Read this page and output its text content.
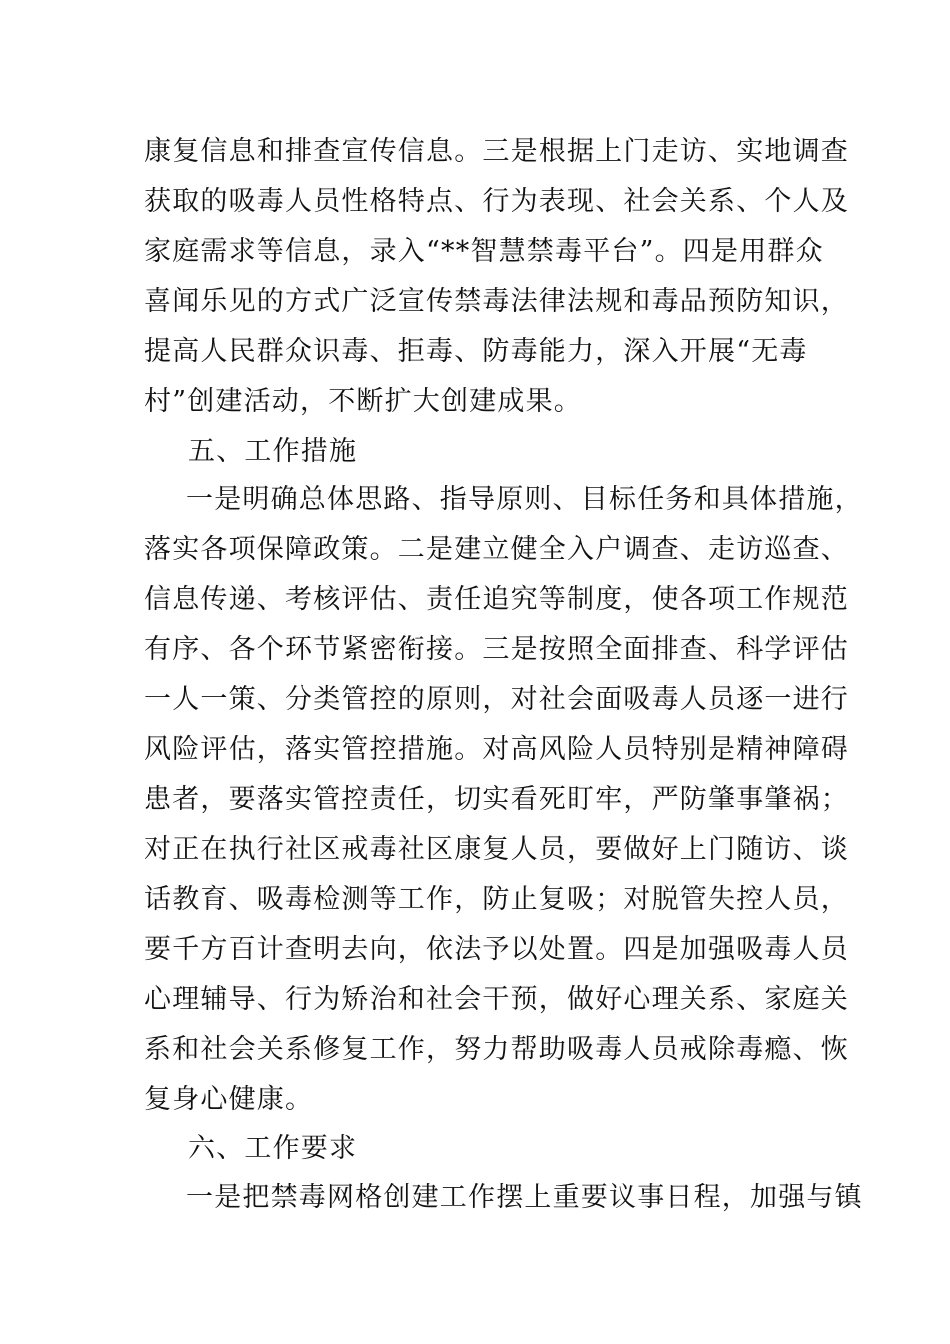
康复信息和排查宣传信息。三是根据上门走访、实地调查
获取的吸毒人员性格特点、行为表现、社会关系、个人及
家庭需求等信息，录入“**智慧禁毒平台”。四是用群众
喜闻乐见的方式广泛宣传禁毒法律法规和毒品预防知识，
提高人民群众识毒、拒毒、防毒能力，深入开展“无毒
村”创建活动，不断扩大创建成果。
五、工作措施
一是明确总体思路、指导原则、目标任务和具体措施，
落实各项保障政策。二是建立健全入户调查、走访巡查、
信息传递、考核评估、责任追究等制度，使各项工作规范
有序、各个环节紧密衔接。三是按照全面排查、科学评估
一人一策、分类管控的原则，对社会面吸毒人员逐一进行
风险评估，落实管控措施。对高风险人员特别是精神障碍
患者，要落实管控责任，切实看死盯牢，严防肇事肇祸；
对正在执行社区戒毒社区康复人员，要做好上门随访、谈
话教育、吸毒检测等工作，防止复吸；对脱管失控人员，
要千方百计查明去向，依法予以处置。四是加强吸毒人员
心理辅导、行为矫治和社会干预，做好心理关系、家庭关
系和社会关系修复工作，努力帮助吸毒人员戒除毒瘾、恢
复身心健康。
六、工作要求
一是把禁毒网格创建工作摆上重要议事日程，加强与镇
